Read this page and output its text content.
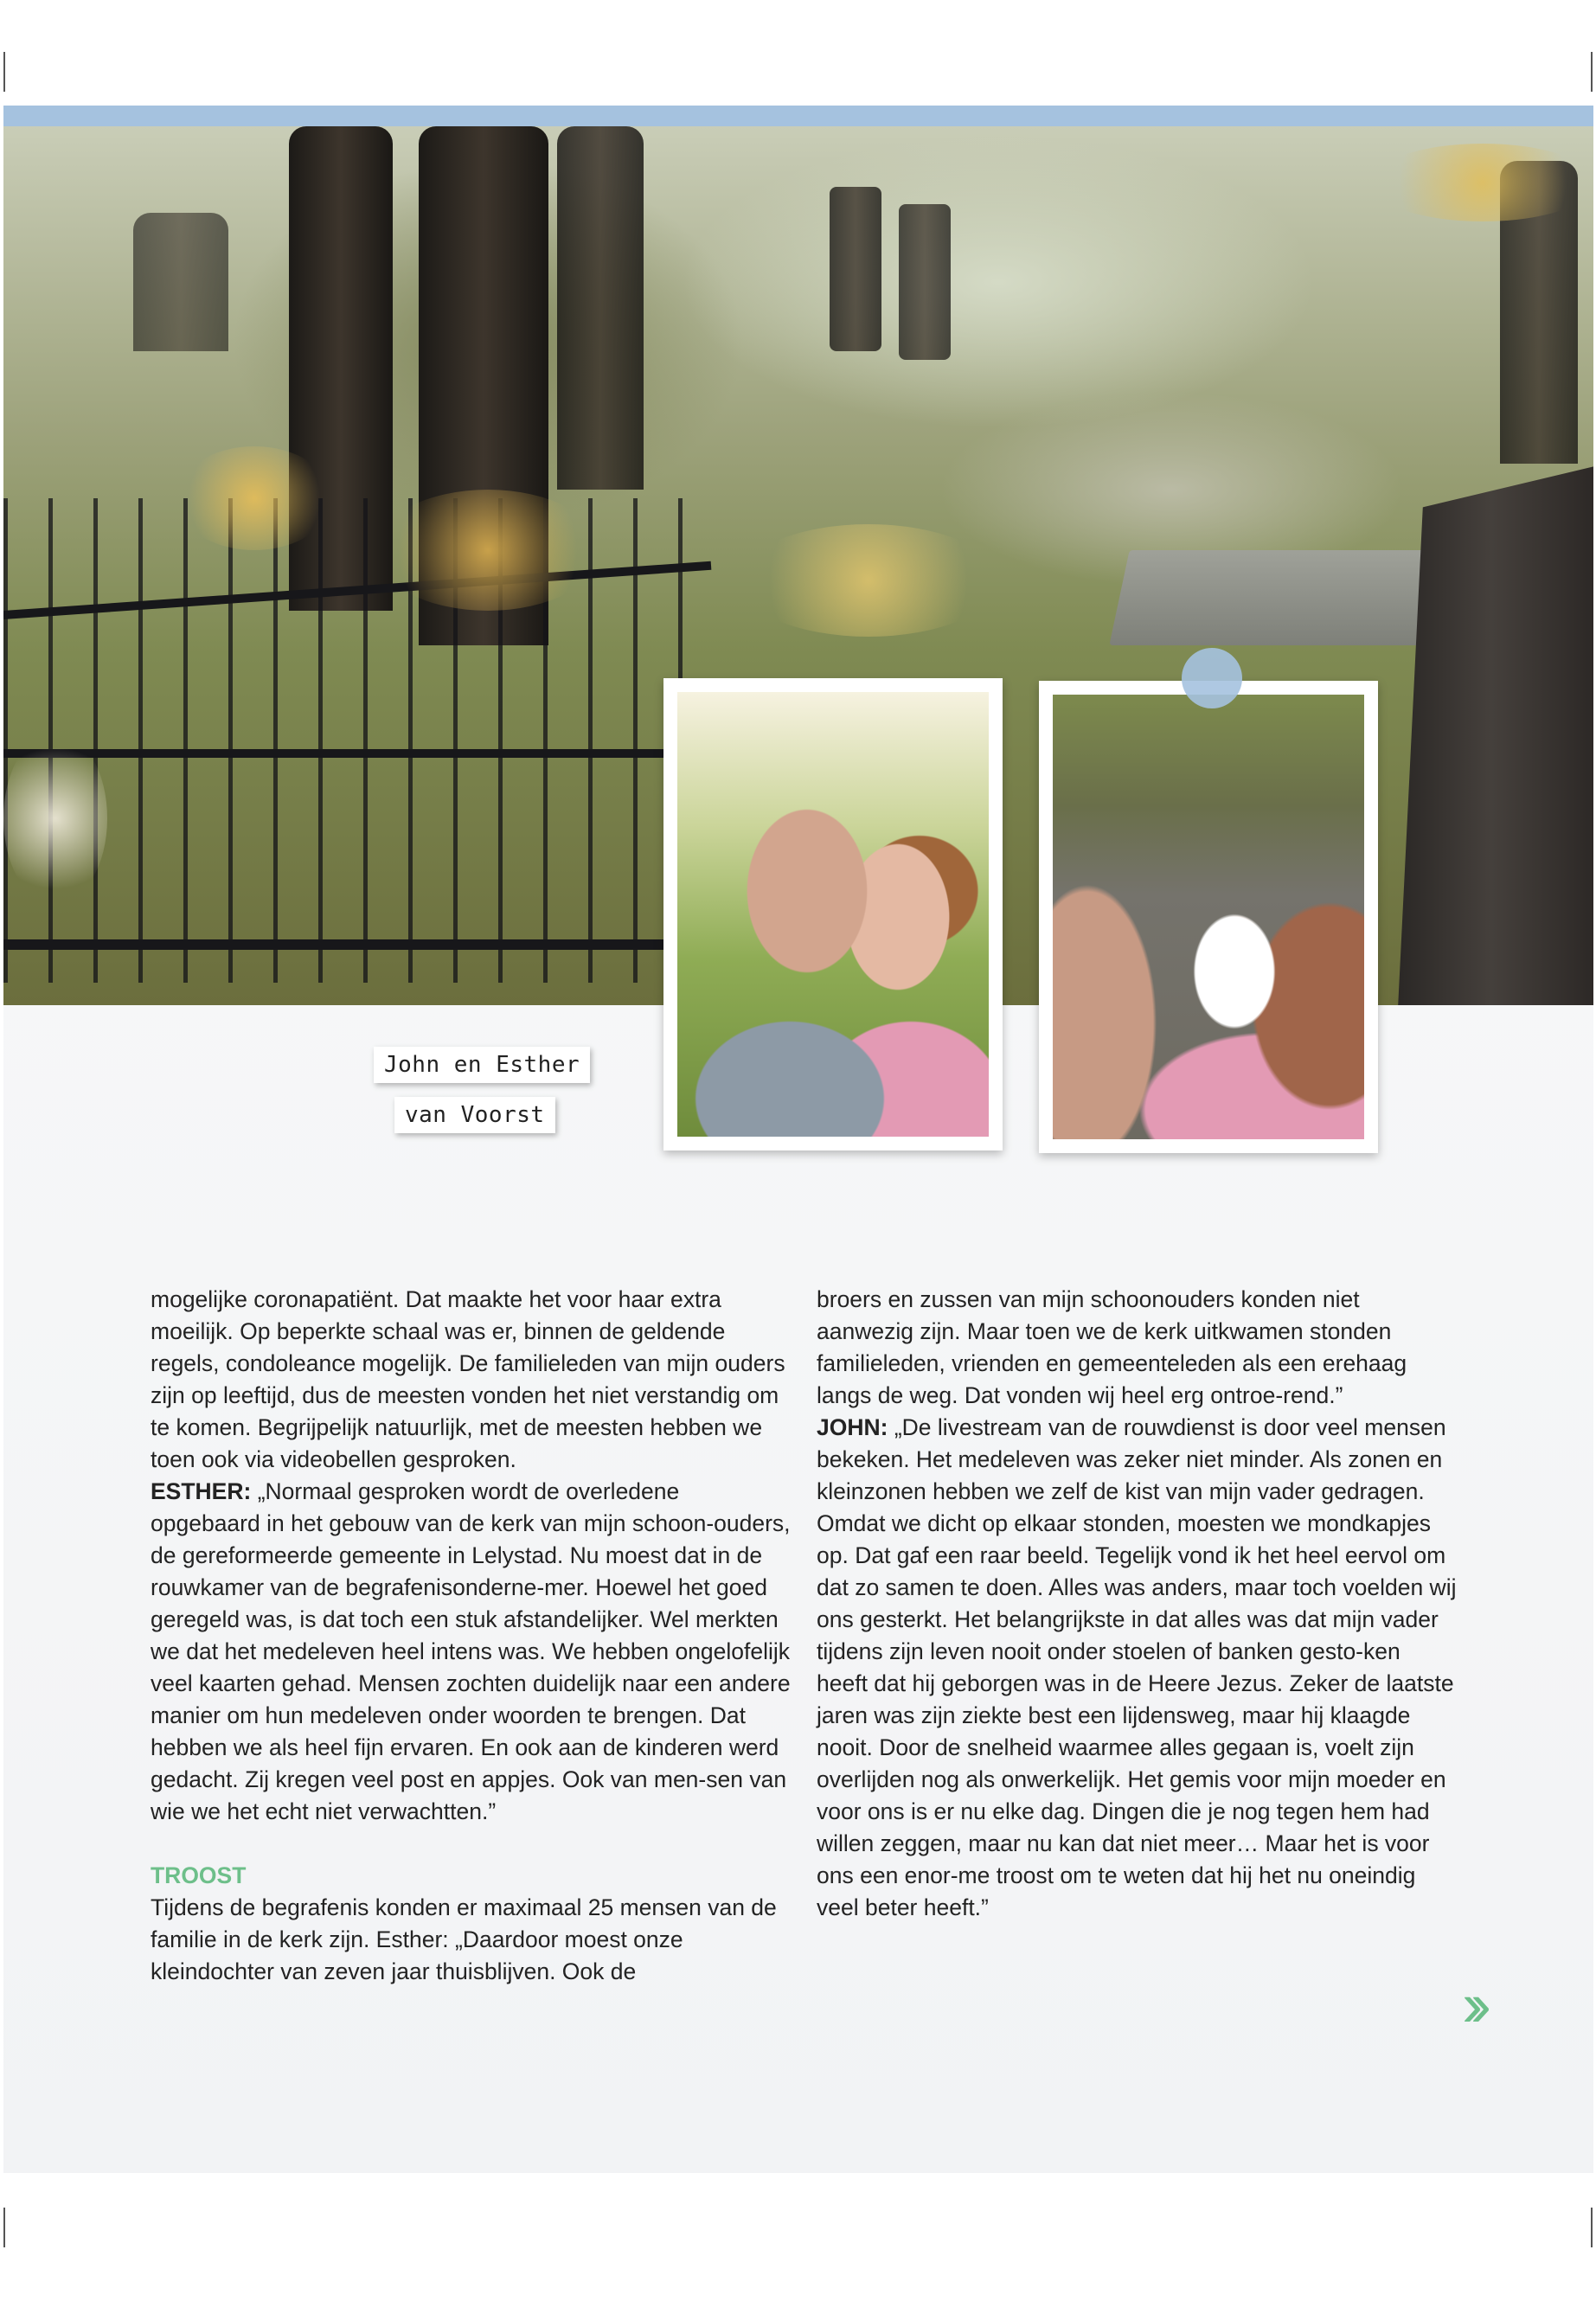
John en Esther
van Voorst

mogelijke coronapatiënt. Dat maakte het voor haar extra moeilijk. Op beperkte schaal was er, binnen de geldende regels, condoleance mogelijk. De familieleden van mijn ouders zijn op leeftijd, dus de meesten vonden het niet verstandig om te komen. Begrijpelijk natuurlijk, met de meesten hebben we toen ook via videobellen gesproken.

ESTHER: „Normaal gesproken wordt de overledene opgebaard in het gebouw van de kerk van mijn schoon-ouders, de gereformeerde gemeente in Lelystad. Nu moest dat in de rouwkamer van de begrafenisonderne-mer. Hoewel het goed geregeld was, is dat toch een stuk afstandelijker. Wel merkten we dat het medeleven heel intens was. We hebben ongelofelijk veel kaarten gehad. Mensen zochten duidelijk naar een andere manier om hun medeleven onder woorden te brengen. Dat hebben we als heel fijn ervaren. En ook aan de kinderen werd gedacht. Zij kregen veel post en appjes. Ook van men-sen van wie we het echt niet verwachtten.”

TROOST

Tijdens de begrafenis konden er maximaal 25 mensen van de familie in de kerk zijn. Esther: „Daardoor moest onze kleindochter van zeven jaar thuisblijven. Ook de

broers en zussen van mijn schoonouders konden niet aanwezig zijn. Maar toen we de kerk uitkwamen stonden familieleden, vrienden en gemeenteleden als een erehaag langs de weg. Dat vonden wij heel erg ontroe-rend.”

JOHN: „De livestream van de rouwdienst is door veel mensen bekeken. Het medeleven was zeker niet minder. Als zonen en kleinzonen hebben we zelf de kist van mijn vader gedragen. Omdat we dicht op elkaar stonden, moesten we mondkapjes op. Dat gaf een raar beeld. Tegelijk vond ik het heel eervol om dat zo samen te doen. Alles was anders, maar toch voelden wij ons gesterkt. Het belangrijkste in dat alles was dat mijn vader tijdens zijn leven nooit onder stoelen of banken gesto-ken heeft dat hij geborgen was in de Heere Jezus. Zeker de laatste jaren was zijn ziekte best een lijdensweg, maar hij klaagde nooit. Door de snelheid waarmee alles gegaan is, voelt zijn overlijden nog als onwerkelijk. Het gemis voor mijn moeder en voor ons is er nu elke dag. Dingen die je nog tegen hem had willen zeggen, maar nu kan dat niet meer… Maar het is voor ons een enor-me troost om te weten dat hij het nu oneindig veel beter heeft.”

››
